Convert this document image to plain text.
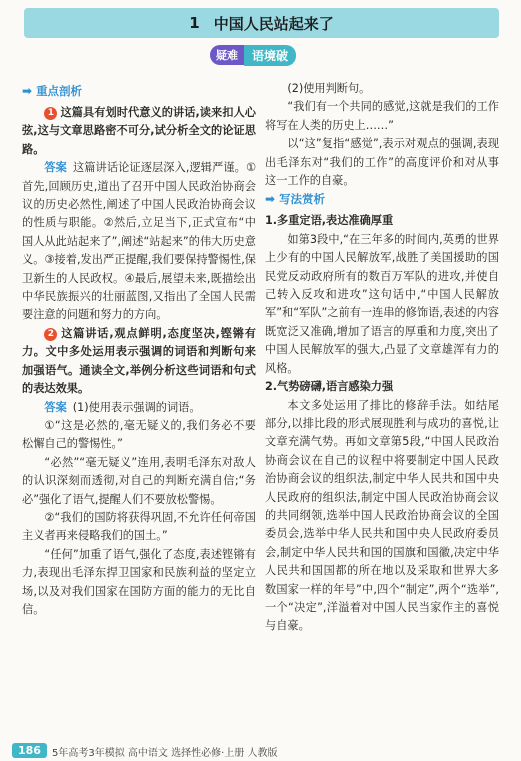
1 中国人民站起来了
疑难	语境破
➡ 重点剖析

1 这篇具有划时代意义的讲话,读来扣人心弦,这与文章思路密不可分,试分析全文的论证思路。

答案 这篇讲话论证逐层深入,逻辑严谨。①首先,回顾历史,道出了召开中国人民政治协商会议的历史必然性,阐述了中国人民政治协商会议的性质与职能。②然后,立足当下,正式宣布“中国人从此站起来了”,阐述“站起来”的伟大历史意义。③接着,发出严正提醒,我们要保持警惕性,保卫新生的人民政权。④最后,展望未来,既描绘出中华民族振兴的壮丽蓝图,又指出了全国人民需要注意的问题和努力的方向。

2 这篇讲话,观点鲜明,态度坚决,铿锵有力。文中多处运用表示强调的词语和判断句来加强语气。通读全文,举例分析这些词语和句式的表达效果。

答案 (1)使用表示强调的词语。

①“这是必然的,毫无疑义的,我们务必不要松懈自己的警惕性。”

“必然”“毫无疑义”连用,表明毛泽东对敌人的认识深刻而透彻,对自己的判断充满自信;“务必”强化了语气,提醒人们不要放松警惕。

②“我们的国防将获得巩固,不允许任何帝国主义者再来侵略我们的国土。”

“任何”加重了语气,强化了态度,表述铿锵有力,表现出毛泽东捍卫国家和民族利益的坚定立场,以及对我们国家在国防方面的能力的无比自信。

(2)使用判断句。

“我们有一个共同的感觉,这就是我们的工作将写在人类的历史上……”

以“这”复指“感觉”,表示对观点的强调,表现出毛泽东对“我们的工作”的高度评价和对从事这一工作的自豪。

➡ 写法赏析

1.多重定语,表达准确厚重

如第3段中,“在三年多的时间内,英勇的世界上少有的中国人民解放军,战胜了美国援助的国民党反动政府所有的数百万军队的进攻,并使自己转入反攻和进攻”这句话中,“中国人民解放军”和“军队”之前有一连串的修饰语,表述的内容既宽泛又准确,增加了语言的厚重和力度,突出了中国人民解放军的强大,凸显了文章雄浑有力的风格。

2.气势磅礴,语言感染力强

本文多处运用了排比的修辞手法。如结尾部分,以排比段的形式展现胜利与成功的喜悦,让文章充满气势。再如文章第5段,“中国人民政治协商会议在自己的议程中将要制定中国人民政治协商会议的组织法,制定中华人民共和国中央人民政府的组织法,制定中国人民政治协商会议的共同纲领,选举中国人民政治协商会议的全国委员会,选举中华人民共和国中央人民政府委员会,制定中华人民共和国的国旗和国徽,决定中华人民共和国国都的所在地以及采取和世界大多数国家一样的年号”中,四个“制定”,两个“选举”,一个“决定”,洋溢着对中国人民当家作主的喜悦与自豪。

186	5年高考3年模拟 高中语文 选择性必修·上册 人教版
